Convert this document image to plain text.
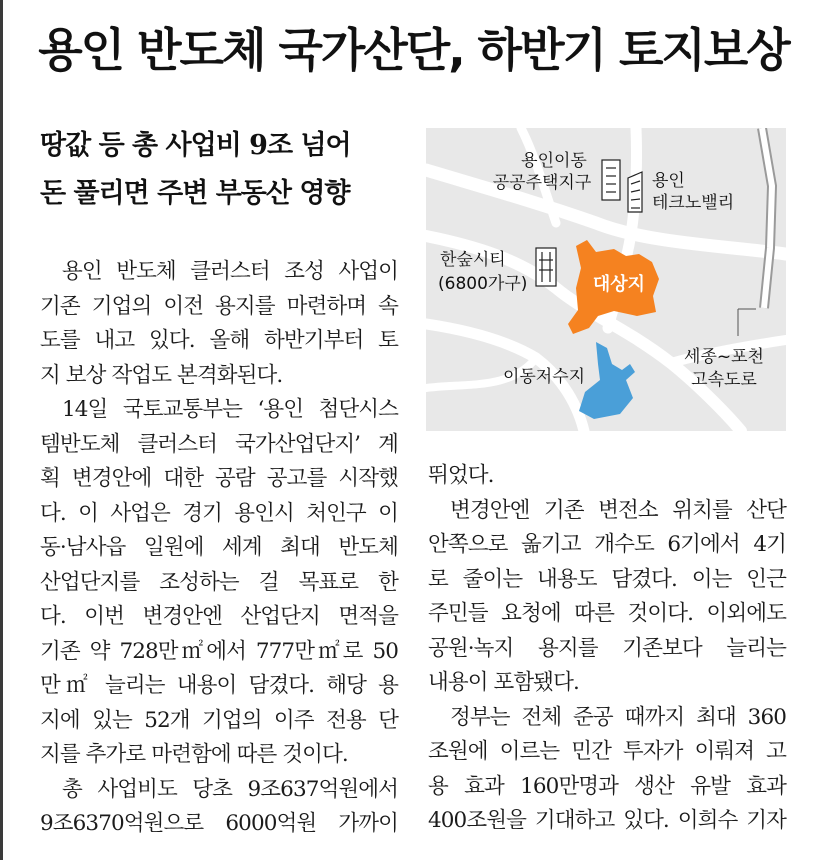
용인 반도체 국가산단, 하반기 토지보상
땅값 등 총 사업비 9조 넘어
돈 풀리면 주변 부동산 영향
용인이동
공공주택지구	용인
테크노밸리
한숲시티
(6800가구)	대상지
세종~포천
고속도로
이동저수지

용인 반도체 클러스터 조성 사업이

기존 기업의 이전 용지를 마련하며 속

도를 내고 있다. 올해 하반기부터 토

지 보상 작업도 본격화된다.

14일 국토교통부는 ‘용인 첨단시스

템반도체 클러스터 국가산업단지’ 계

획 변경안에 대한 공람 공고를 시작했

다. 이 사업은 경기 용인시 처인구 이

동·남사읍 일원에 세계 최대 반도체

산업단지를 조성하는 걸 목표로 한

다. 이번 변경안엔 산업단지 면적을

기존 약 728만㎡에서 777만㎡로 50

만㎡ 늘리는 내용이 담겼다. 해당 용

지에 있는 52개 기업의 이주 전용 단

지를 추가로 마련함에 따른 것이다.

총 사업비도 당초 9조637억원에서

9조6370억원으로 6000억원 가까이

뛰었다.

변경안엔 기존 변전소 위치를 산단

안쪽으로 옮기고 개수도 6기에서 4기

로 줄이는 내용도 담겼다. 이는 인근

주민들 요청에 따른 것이다. 이외에도

공원·녹지 용지를 기존보다 늘리는

내용이 포함됐다.

정부는 전체 준공 때까지 최대 360

조원에 이르는 민간 투자가 이뤄져 고

용 효과 160만명과 생산 유발 효과

400조원을 기대하고 있다. 이희수 기자
